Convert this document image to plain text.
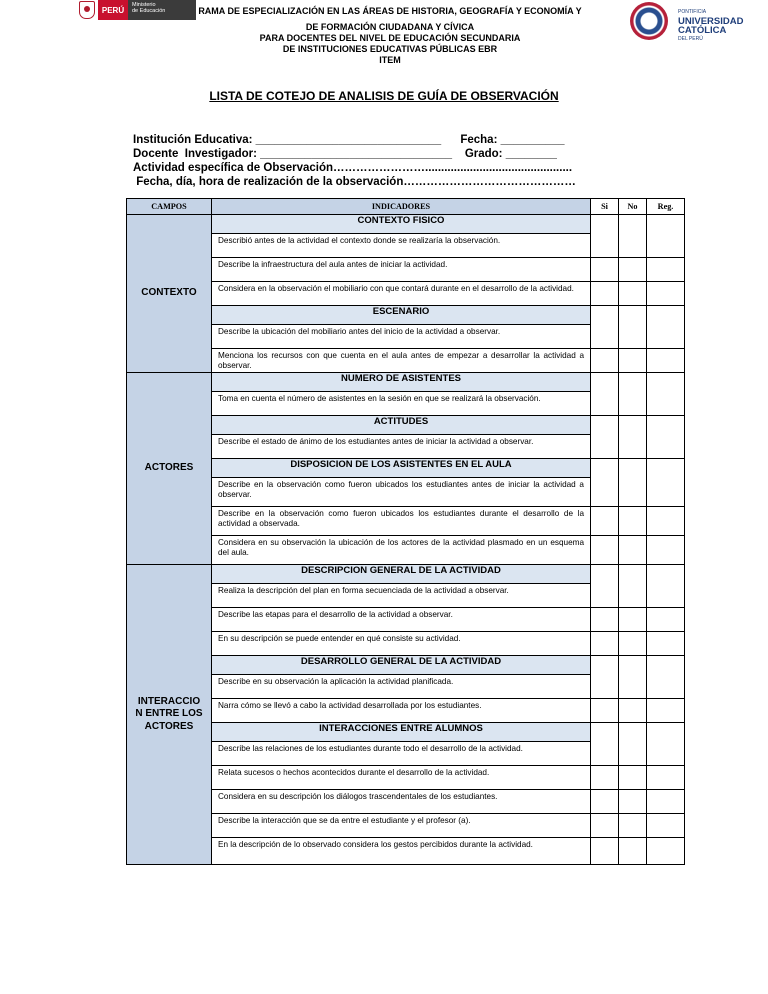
PERÚ
Ministerio
de Educación	PONTIFICIA
UNIVERSIDAD
CATÓLICA
DEL PERÚ
RAMA DE ESPECIALIZACIÓN EN LAS ÁREAS DE HISTORIA, GEOGRAFÍA Y ECONOMÍA Y
DE FORMACIÓN CIUDADANA Y CÍVICA
PARA DOCENTES DEL NIVEL DE EDUCACIÓN SECUNDARIA
DE INSTITUCIONES EDUCATIVAS PÚBLICAS EBR
ITEM
LISTA DE COTEJO DE ANALISIS DE GUÍA DE OBSERVACIÓN
Institución Educativa: _____________________________      Fecha: __________
Docente  Investigador: ______________________________    Grado: ________
Actividad específica de Observación……………………..............................................
Fecha, día, hora de realización de la observación………………………………………
CAMPOS	INDICADORES	Si	No	Reg.
CONTEXTO	CONTEXTO FISICO			
	Describió antes de la actividad el contexto donde se realizaría la observación.			
	Describe la infraestructura del aula antes de iniciar la actividad.			
	Considera en la observación el mobiliario con que contará durante en el desarrollo de la actividad.			
	ESCENARIO			
	Describe la ubicación del mobiliario antes del inicio de la actividad a observar.			
	Menciona los recursos con que cuenta en el aula antes de empezar a desarrollar la actividad a observar.			
ACTORES	NUMERO DE ASISTENTES			
	Toma en cuenta el número de asistentes en la sesión en que se realizará la observación.			
	ACTITUDES			
	Describe el estado de ánimo de los estudiantes antes de iniciar la actividad a observar.			
	DISPOSICION DE LOS ASISTENTES EN EL AULA			
	Describe en la observación como fueron ubicados los estudiantes antes de iniciar la actividad a observar.			
	Describe en la observación como fueron ubicados los estudiantes durante el desarrollo de la actividad a observada.			
	Considera en su observación la ubicación de los actores de la actividad plasmado en un esquema del aula.			

INTERACCIO
N ENTRE LOS
ACTORES	DESCRIPCION GENERAL DE LA ACTIVIDAD			
	Realiza la descripción del plan en forma secuenciada de la actividad a observar.			
	Describe las etapas para el desarrollo de la actividad a observar.			
	En su descripción se puede entender en qué consiste su actividad.			
	DESARROLLO GENERAL DE LA ACTIVIDAD			
	Describe en su observación la aplicación la actividad planificada.			
	Narra cómo se llevó a cabo la actividad desarrollada por los estudiantes.			
	INTERACCIONES ENTRE ALUMNOS			
	Describe las relaciones de los estudiantes durante todo el desarrollo de la actividad.			
	Relata sucesos o hechos acontecidos durante el desarrollo de la actividad.			
	Considera en su descripción los diálogos trascendentales de los estudiantes.			
	Describe la interacción que se da entre el estudiante y el profesor (a).			
	En la descripción de lo observado considera los gestos percibidos durante la actividad.			
